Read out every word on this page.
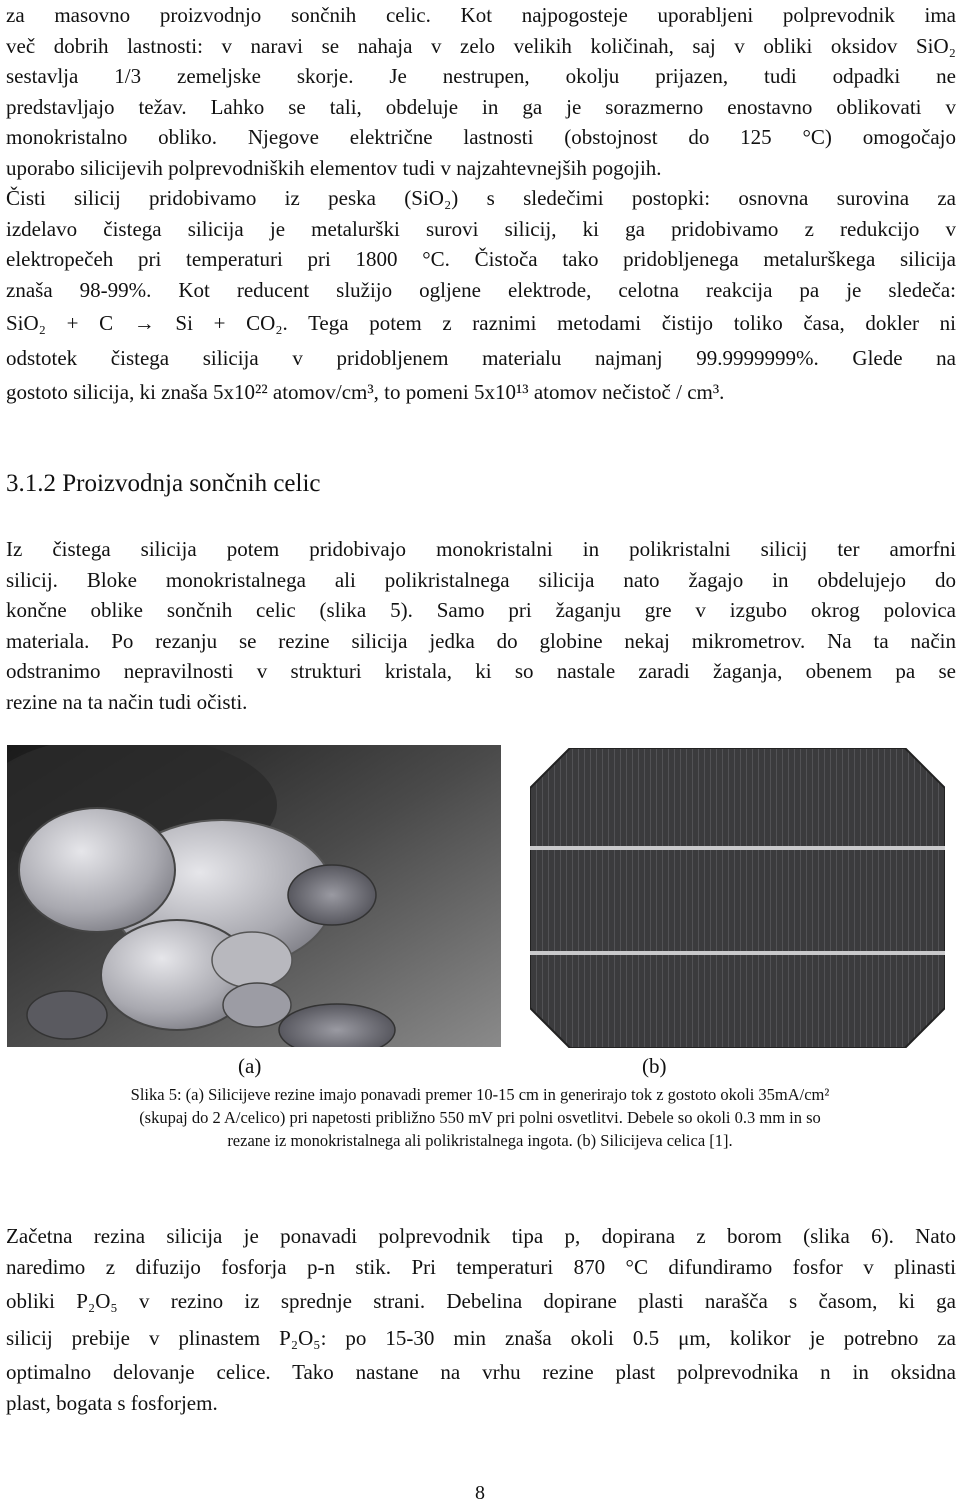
za masovno proizvodnjo sončnih celic. Kot najpogosteje uporabljeni polprevodnik ima
več dobrih lastnosti: v naravi se nahaja v zelo velikih količinah, saj v obliki oksidov SiO₂
sestavlja 1/3 zemeljske skorje. Je nestrupen, okolju prijazen, tudi odpadki ne
predstavljajo težav. Lahko se tali, obdeluje in ga je sorazmerno enostavno oblikovati v
monokristalno obliko. Njegove električne lastnosti (obstojnost do 125 °C) omogočajo
uporabo silicijevih polprevodniških elementov tudi v najzahtevnejših pogojih.
Čisti silicij pridobivamo iz peska (SiO₂) s sledečimi postopki: osnovna surovina za
izdelavo čistega silicija je metalurški surovi silicij, ki ga pridobivamo z redukcijo v
elektropečeh pri temperaturi pri 1800 °C. Čistoča tako pridobljenega metalurškega silicija
znaša 98-99%. Kot reducent služijo ogljene elektrode, celotna reakcija pa je sledeča:
SiO₂ + C → Si + CO₂. Tega potem z raznimi metodami čistijo toliko časa, dokler ni
odstotek čistega silicija v pridobljenem materialu najmanj 99.9999999%. Glede na
gostoto silicija, ki znaša 5x10²² atomov/cm³, to pomeni 5x10¹³ atomov nečistoč / cm³.
3.1.2 Proizvodnja sončnih celic
Iz čistega silicija potem pridobivajo monokristalni in polikristalni silicij ter amorfni
silicij. Bloke monokristalnega ali polikristalnega silicija nato žagajo in obdelujejo do
končne oblike sončnih celic (slika 5). Samo pri žaganju gre v izgubo okrog polovica
materiala. Po rezanju se rezine silicija jedka do globine nekaj mikrometrov. Na ta način
odstranimo nepravilnosti v strukturi kristala, ki so nastale zaradi žaganja, obenem pa se
rezine na ta način tudi očisti.
(a)	(b)

Slika 5: (a) Silicijeve rezine imajo ponavadi premer 10-15 cm in generirajo tok z gostoto okoli 35mA/cm²
(skupaj do 2 A/celico) pri napetosti približno 550 mV pri polni osvetlitvi. Debele so okoli 0.3 mm in so
rezane iz monokristalnega ali polikristalnega ingota. (b) Silicijeva celica [1].

Začetna rezina silicija je ponavadi polprevodnik tipa p, dopirana z borom (slika 6). Nato
naredimo z difuzijo fosforja p-n stik. Pri temperaturi 870 °C difundiramo fosfor v plinasti
obliki P₂O₅ v rezino iz sprednje strani. Debelina dopirane plasti narašča s časom, ki ga
silicij prebije v plinastem P₂O₅: po 15-30 min znaša okoli 0.5 μm, kolikor je potrebno za
optimalno delovanje celice. Tako nastane na vrhu rezine plast polprevodnika n in oksidna
plast, bogata s fosforjem.
8
